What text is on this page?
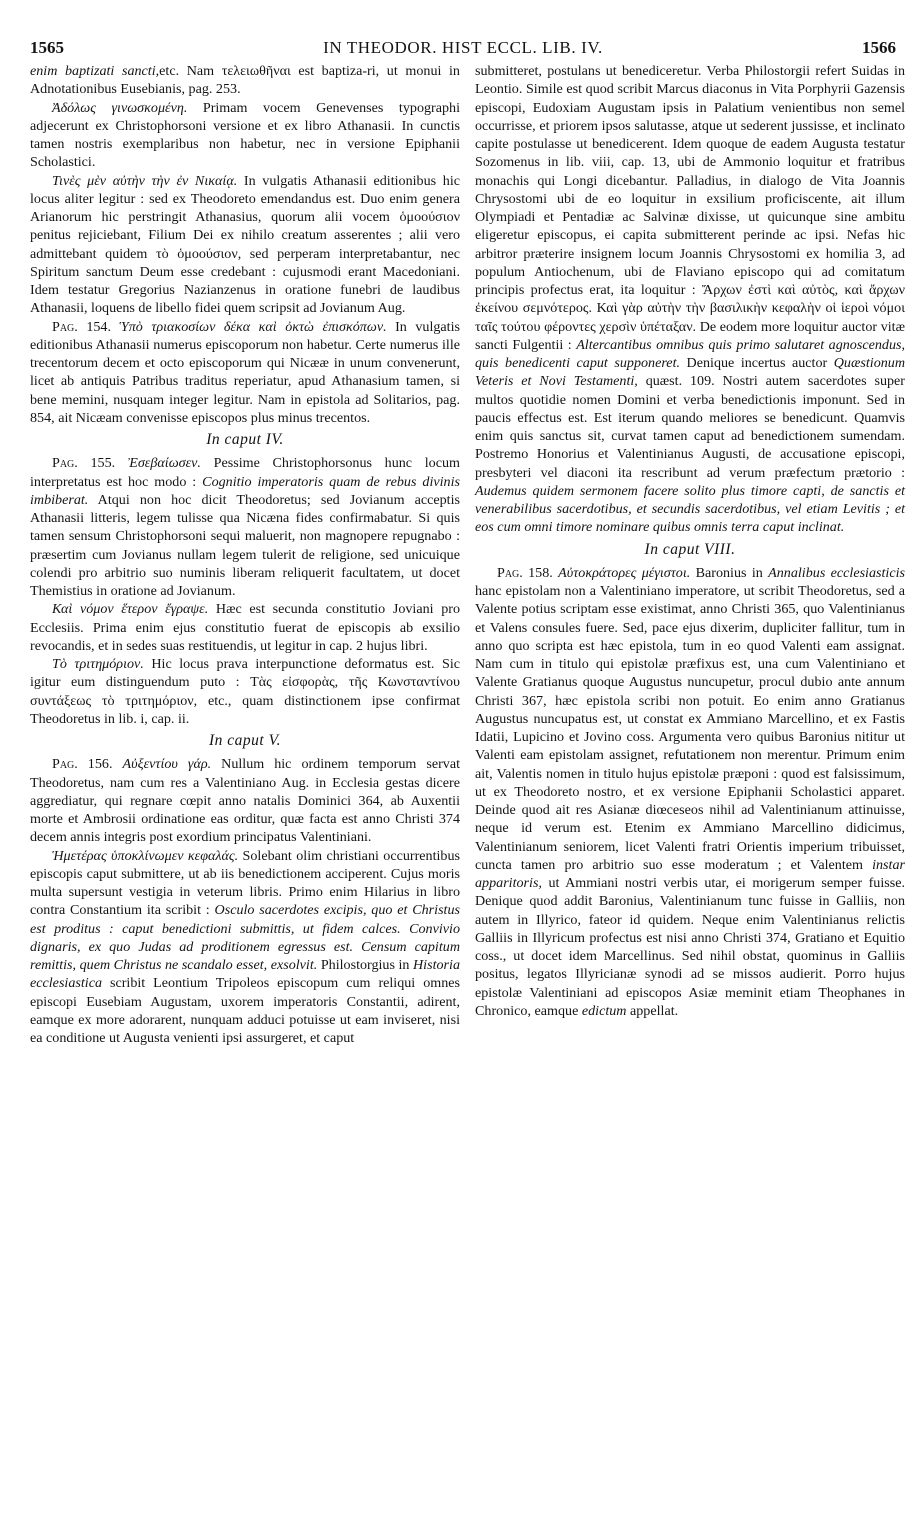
1565	IN THEODOR. HIST ECCL. LIB. IV.	1566

enim baptizati sancti,etc. Nam τελειωθῆναι est baptiza-ri, ut monui in Adnotationibus Eusebianis, pag. 253.

Ἀδόλως γινωσκομένη. Primam vocem Genevenses typographi adjecerunt ex Christophorsoni versione et ex libro Athanasii. In cunctis tamen nostris exemplaribus non habetur, nec in versione Epiphanii Scholastici.

Τινὲς μὲν αὐτὴν τὴν ἐν Νικαίᾳ. In vulgatis Athanasii editionibus hic locus aliter legitur : sed ex Theodoreto emendandus est. Duo enim genera Arianorum hic perstringit Athanasius, quorum alii vocem ὁμοούσιον penitus rejiciebant, Filium Dei ex nihilo creatum asserentes ; alii vero admittebant quidem τὸ ὁμοούσιον, sed perperam interpretabantur, nec Spiritum sanctum Deum esse credebant : cujusmodi erant Macedoniani. Idem testatur Gregorius Nazianzenus in oratione funebri de laudibus Athanasii, loquens de libello fidei quem scripsit ad Jovianum Aug.

Pag. 154. Ὑπὸ τριακοσίων δέκα καὶ ὀκτὼ ἐπισκόπων. In vulgatis editionibus Athanasii numerus episcoporum non habetur. Certe numerus ille trecentorum decem et octo episcoporum qui Nicææ in unum convenerunt, licet ab antiquis Patribus traditus reperiatur, apud Athanasium tamen, si bene memini, nusquam integer legitur. Nam in epistola ad Solitarios, pag. 854, ait Nicæam convenisse episcopos plus minus trecentos.

In caput IV.

Pag. 155. Ἐσεβαίωσεν. Pessime Christophorsonus hunc locum interpretatus est hoc modo : Cognitio imperatoris quam de rebus divinis imbiberat. Atqui non hoc dicit Theodoretus; sed Jovianum acceptis Athanasii litteris, legem tulisse qua Nicæna fides confirmabatur. Si quis tamen sensum Christophorsoni sequi maluerit, non magnopere repugnabo : præsertim cum Jovianus nullam legem tulerit de religione, sed unicuique colendi pro arbitrio suo numinis liberam reliquerit facultatem, ut docet Themistius in oratione ad Jovianum.

Καὶ νόμον ἕτερον ἔγραψε. Hæc est secunda constitutio Joviani pro Ecclesiis. Prima enim ejus constitutio fuerat de episcopis ab exsilio revocandis, et in sedes suas restituendis, ut legitur in cap. 2 hujus libri.

Τὸ τριτημόριον. Hic locus prava interpunctione deformatus est. Sic igitur eum distinguendum puto : Τὰς εἰσφορὰς, τῆς Κωνσταντίνου συντάξεως τὸ τριτημόριον, etc., quam distinctionem ipse confirmat Theodoretus in lib. i, cap. ii.

In caput V.

Pag. 156. Αὐξεντίου γάρ. Nullum hic ordinem temporum servat Theodoretus, nam cum res a Valentiniano Aug. in Ecclesia gestas dicere aggrediatur, qui regnare cœpit anno natalis Dominici 364, ab Auxentii morte et Ambrosii ordinatione eas orditur, quæ facta est anno Christi 374 decem annis integris post exordium principatus Valentiniani.

Ἡμετέρας ὑποκλίνωμεν κεφαλάς. Solebant olim christiani occurrentibus episcopis caput submittere, ut ab iis benedictionem acciperent. Cujus moris multa supersunt vestigia in veterum libris. Primo enim Hilarius in libro contra Constantium ita scribit : Osculo sacerdotes excipis, quo et Christus est proditus : caput benedictioni submittis, ut fidem calces. Convivio dignaris, ex quo Judas ad proditionem egressus est. Censum capitum remittis, quem Christus ne scandalo esset, exsolvit. Philostorgius in Historia ecclesiastica scribit Leontium Tripoleos episcopum cum reliqui omnes episcopi Eusebiam Augustam, uxorem imperatoris Constantii, adirent, eamque ex more adorarent, nunquam adduci potuisse ut eam inviseret, nisi ea conditione ut Augusta venienti ipsi assurgeret, et caput

submitteret, postulans ut benediceretur. Verba Philostorgii refert Suidas in Leontio. Simile est quod scribit Marcus diaconus in Vita Porphyrii Gazensis episcopi, Eudoxiam Augustam ipsis in Palatium venientibus non semel occurrisse, et priorem ipsos salutasse, atque ut sederent jussisse, et inclinato capite postulasse ut benedicerent. Idem quoque de eadem Augusta testatur Sozomenus in lib. viii, cap. 13, ubi de Ammonio loquitur et fratribus monachis qui Longi dicebantur. Palladius, in dialogo de Vita Joannis Chrysostomi ubi de eo loquitur in exsilium proficiscente, ait illum Olympiadi et Pentadiæ ac Salvinæ dixisse, ut quicunque sine ambitu eligeretur episcopus, ei capita submitterent perinde ac ipsi. Nefas hic arbitror præterire insignem locum Joannis Chrysostomi ex homilia 3, ad populum Antiochenum, ubi de Flaviano episcopo qui ad comitatum principis profectus erat, ita loquitur : Ἄρχων ἐστὶ καὶ αὐτὸς, καὶ ἄρχων ἐκείνου σεμνότερος. Καὶ γὰρ αὐτὴν τὴν βασιλικὴν κεφαλὴν οἱ ἱεροὶ νόμοι ταῖς τούτου φέροντες χερσὶν ὑπέταξαν. De eodem more loquitur auctor vitæ sancti Fulgentii : Altercantibus omnibus quis primo salutaret agnoscendus, quis benedicenti caput supponeret. Denique incertus auctor Quæstionum Veteris et Novi Testamenti, quæst. 109. Nostri autem sacerdotes super multos quotidie nomen Domini et verba benedictionis imponunt. Sed in paucis effectus est. Est iterum quando meliores se benedicunt. Quamvis enim quis sanctus sit, curvat tamen caput ad benedictionem sumendam. Postremo Honorius et Valentinianus Augusti, de accusatione episcopi, presbyteri vel diaconi ita rescribunt ad verum præfectum prætorio : Audemus quidem sermonem facere solito plus timore capti, de sanctis et venerabilibus sacerdotibus, et secundis sacerdotibus, vel etiam Levitis ; et eos cum omni timore nominare quibus omnis terra caput inclinat.

In caput VIII.

Pag. 158. Αὐτοκράτορες μέγιστοι. Baronius in Annalibus ecclesiasticis hanc epistolam non a Valentiniano imperatore, ut scribit Theodoretus, sed a Valente potius scriptam esse existimat, anno Christi 365, quo Valentinianus et Valens consules fuere. Sed, pace ejus dixerim, dupliciter fallitur, tum in anno quo scripta est hæc epistola, tum in eo quod Valenti eam assignat. Nam cum in titulo qui epistolæ præfixus est, una cum Valentiniano et Valente Gratianus quoque Augustus nuncupetur, procul dubio ante annum Christi 367, hæc epistola scribi non potuit. Eo enim anno Gratianus Augustus nuncupatus est, ut constat ex Ammiano Marcellino, et ex Fastis Idatii, Lupicino et Jovino coss. Argumenta vero quibus Baronius nititur ut Valenti eam epistolam assignet, refutationem non merentur. Primum enim ait, Valentis nomen in titulo hujus epistolæ præponi : quod est falsissimum, ut ex Theodoreto nostro, et ex versione Epiphanii Scholastici apparet. Deinde quod ait res Asianæ diœceseos nihil ad Valentinianum attinuisse, neque id verum est. Etenim ex Ammiano Marcellino didicimus, Valentinianum seniorem, licet Valenti fratri Orientis imperium tribuisset, cuncta tamen pro arbitrio suo esse moderatum ; et Valentem instar apparitoris, ut Ammiani nostri verbis utar, ei morigerum semper fuisse. Denique quod addit Baronius, Valentinianum tunc fuisse in Galliis, non autem in Illyrico, fateor id quidem. Neque enim Valentinianus relictis Galliis in Illyricum profectus est nisi anno Christi 374, Gratiano et Equitio coss., ut docet idem Marcellinus. Sed nihil obstat, quominus in Galliis positus, legatos Illyricianæ synodi ad se missos audierit. Porro hujus epistolæ Valentiniani ad episcopos Asiæ meminit etiam Theophanes in Chronico, eamque edictum appellat.
